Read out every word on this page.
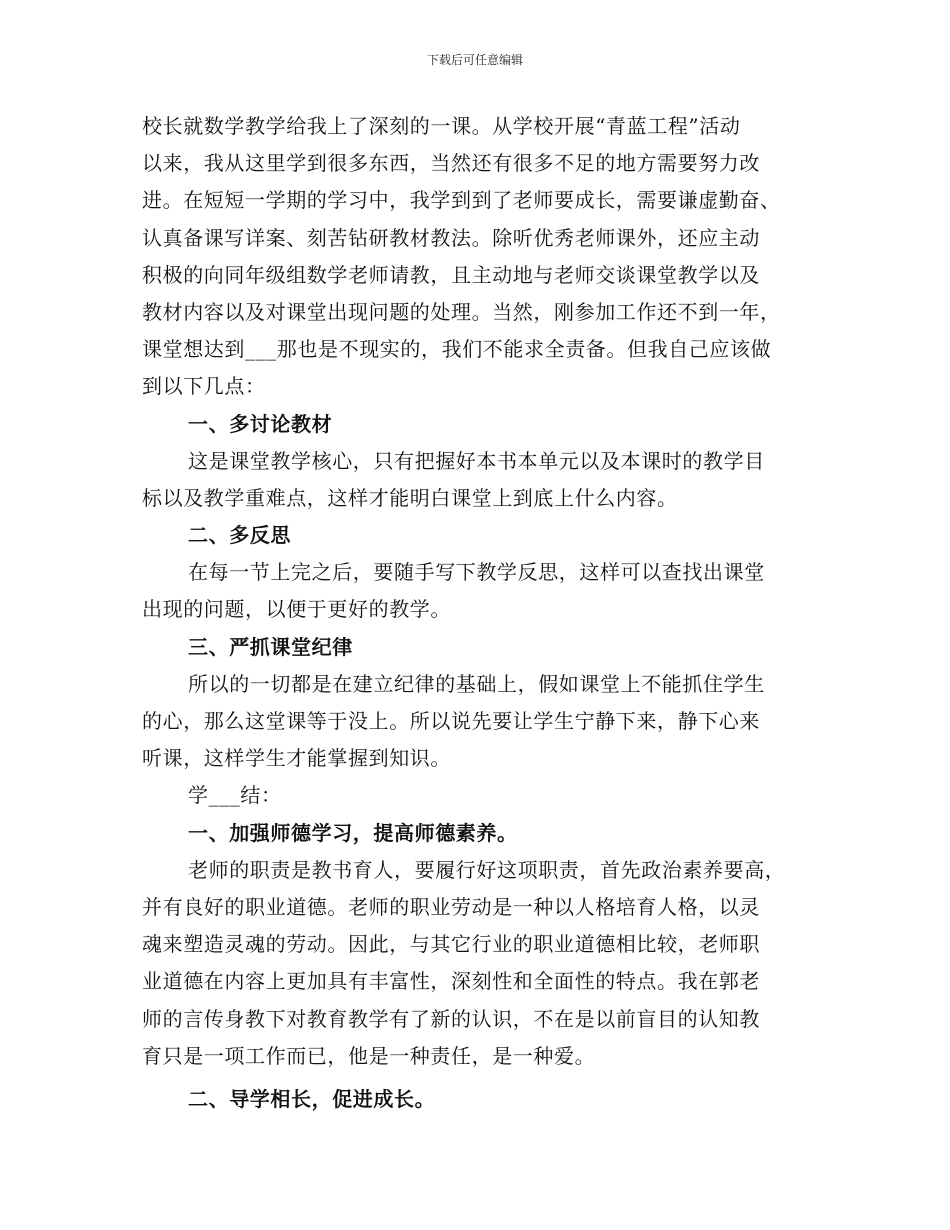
下载后可任意编辑
校长就数学教学给我上了深刻的一课。从学校开展“青蓝工程”活动
以来，我从这里学到很多东西，当然还有很多不足的地方需要努力改
进。在短短一学期的学习中，我学到到了老师要成长，需要谦虚勤奋、
认真备课写详案、刻苦钻研教材教法。除听优秀老师课外，还应主动
积极的向同年级组数学老师请教，且主动地与老师交谈课堂教学以及
教材内容以及对课堂出现问题的处理。当然，刚参加工作还不到一年，
课堂想达到___那也是不现实的，我们不能求全责备。但我自己应该做
到以下几点：
一、多讨论教材
这是课堂教学核心，只有把握好本书本单元以及本课时的教学目
标以及教学重难点，这样才能明白课堂上到底上什么内容。
二、多反思
在每一节上完之后，要随手写下教学反思，这样可以查找出课堂
出现的问题，以便于更好的教学。
三、严抓课堂纪律
所以的一切都是在建立纪律的基础上，假如课堂上不能抓住学生
的心，那么这堂课等于没上。所以说先要让学生宁静下来，静下心来
听课，这样学生才能掌握到知识。
学___结：
一、加强师德学习，提高师德素养。
老师的职责是教书育人，要履行好这项职责，首先政治素养要高，
并有良好的职业道德。老师的职业劳动是一种以人格培育人格，以灵
魂来塑造灵魂的劳动。因此，与其它行业的职业道德相比较，老师职
业道德在内容上更加具有丰富性，深刻性和全面性的特点。我在郭老
师的言传身教下对教育教学有了新的认识，不在是以前盲目的认知教
育只是一项工作而已，他是一种责任，是一种爱。
二、导学相长，促进成长。
